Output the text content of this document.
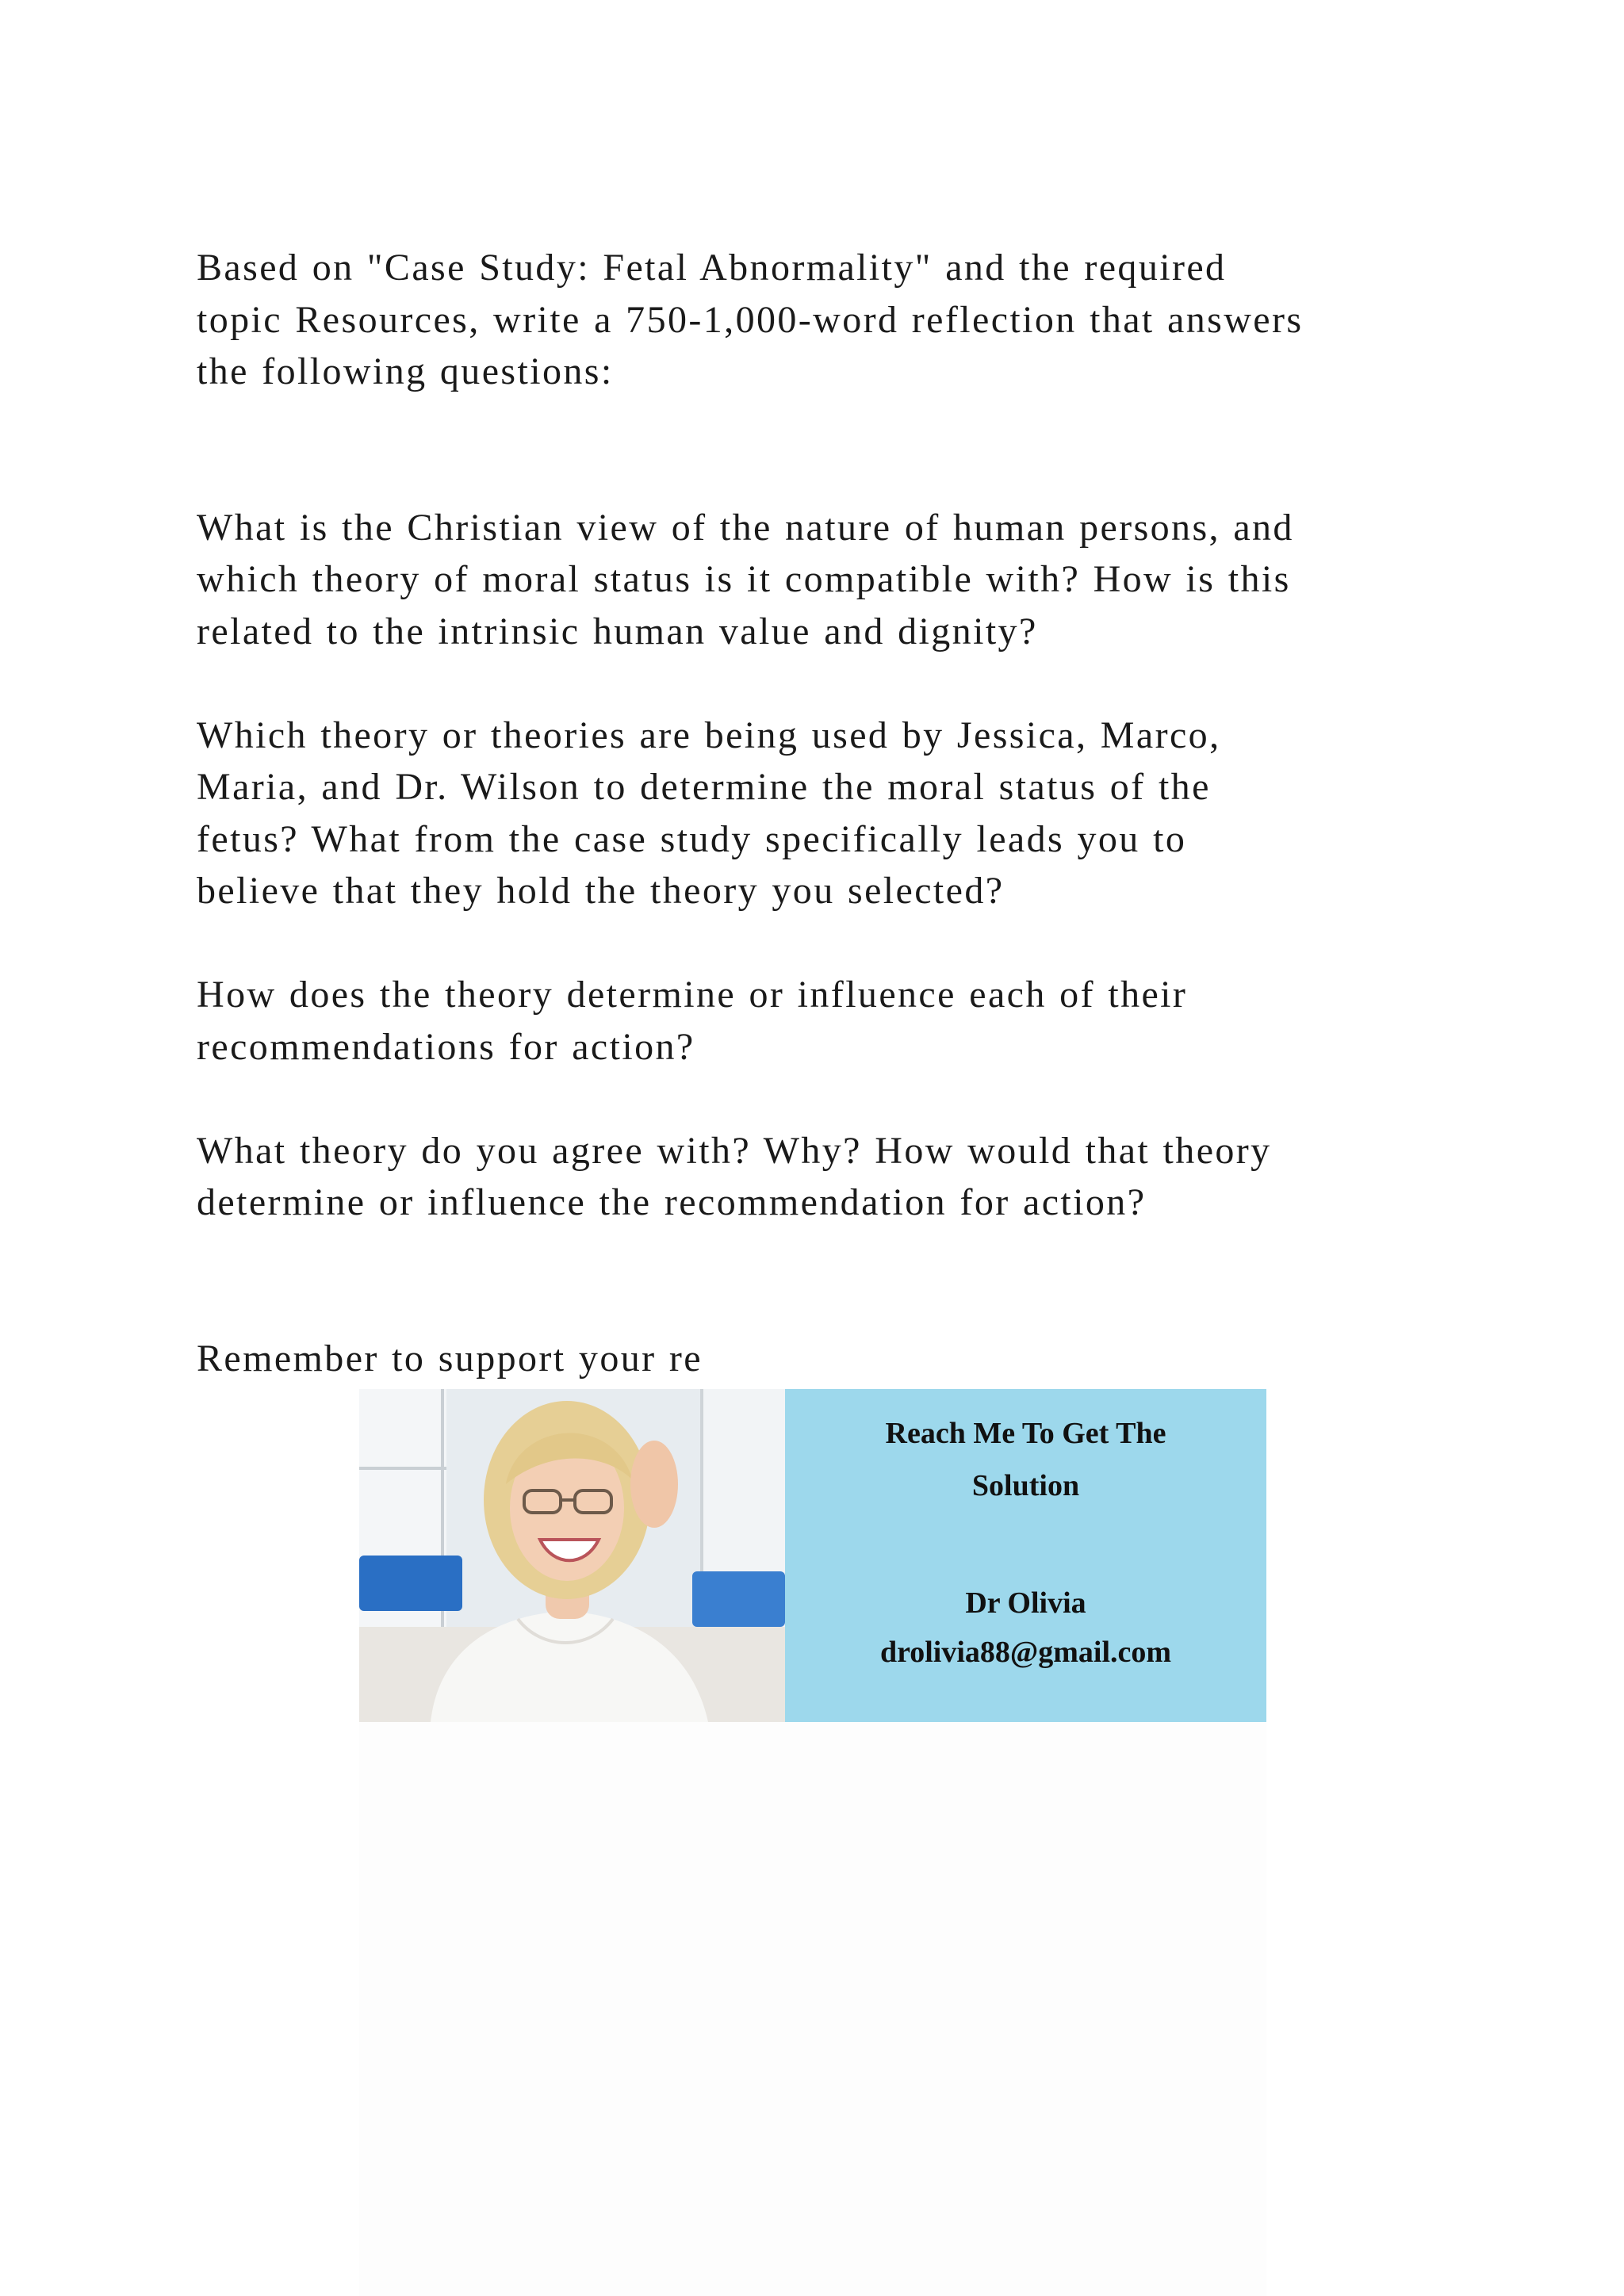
Based on "Case Study: Fetal Abnormality" and the required
topic Resources, write a 750-1,000-word reflection that answers
the following questions:

What is the Christian view of the nature of human persons, and
which theory of moral status is it compatible with? How is this
related to the intrinsic human value and dignity?

Which theory or theories are being used by Jessica, Marco,
Maria, and Dr. Wilson to determine the moral status of the
fetus? What from the case study specifically leads you to
believe that they hold the theory you selected?

How does the theory determine or influence each of their
recommendations for action?

What theory do you agree with? Why? How would that theory
determine or influence the recommendation for action?

Remember to support your re

Reach Me To Get The
Solution
Dr Olivia
drolivia88@gmail.com
